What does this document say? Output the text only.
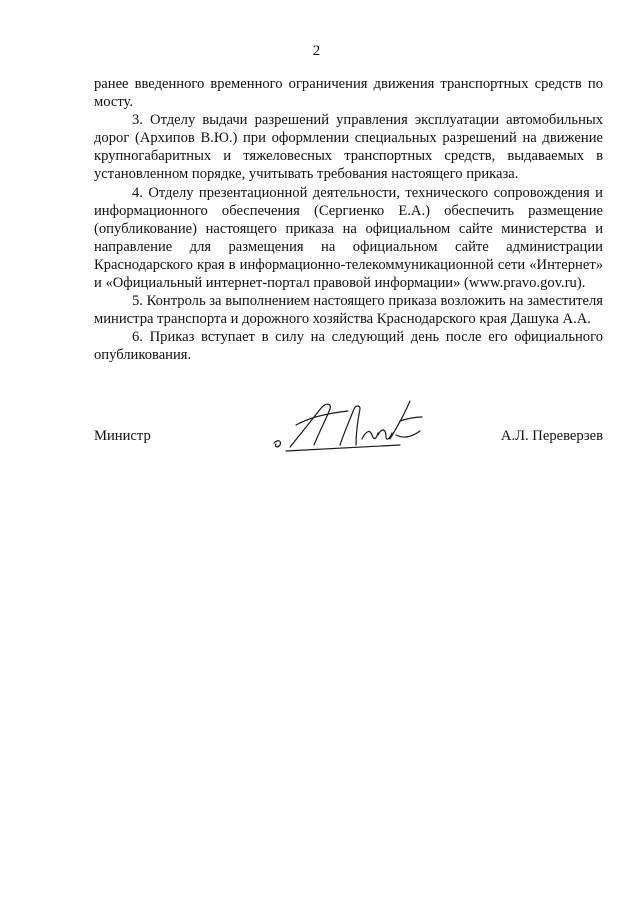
2

ранее введенного временного ограничения движения транспортных средств по мосту.

3. Отделу выдачи разрешений управления эксплуатации автомобильных дорог (Архипов В.Ю.) при оформлении специальных разрешений на движение крупногабаритных и тяжеловесных транспортных средств, выдаваемых в установленном порядке, учитывать требования настоящего приказа.

4. Отделу презентационной деятельности, технического сопровождения и информационного обеспечения (Сергиенко Е.А.) обеспечить размещение (опубликование) настоящего приказа на официальном сайте министерства и направление для размещения на официальном сайте администрации Краснодарского края в информационно-телекоммуникационной сети «Интернет» и «Официальный интернет-портал правовой информации» (www.pravo.gov.ru).

5. Контроль за выполнением настоящего приказа возложить на заместителя министра транспорта и дорожного хозяйства Краснодарского края Дашука А.А.

6. Приказ вступает в силу на следующий день после его официального опубликования.

Министр	А.Л. Переверзев
